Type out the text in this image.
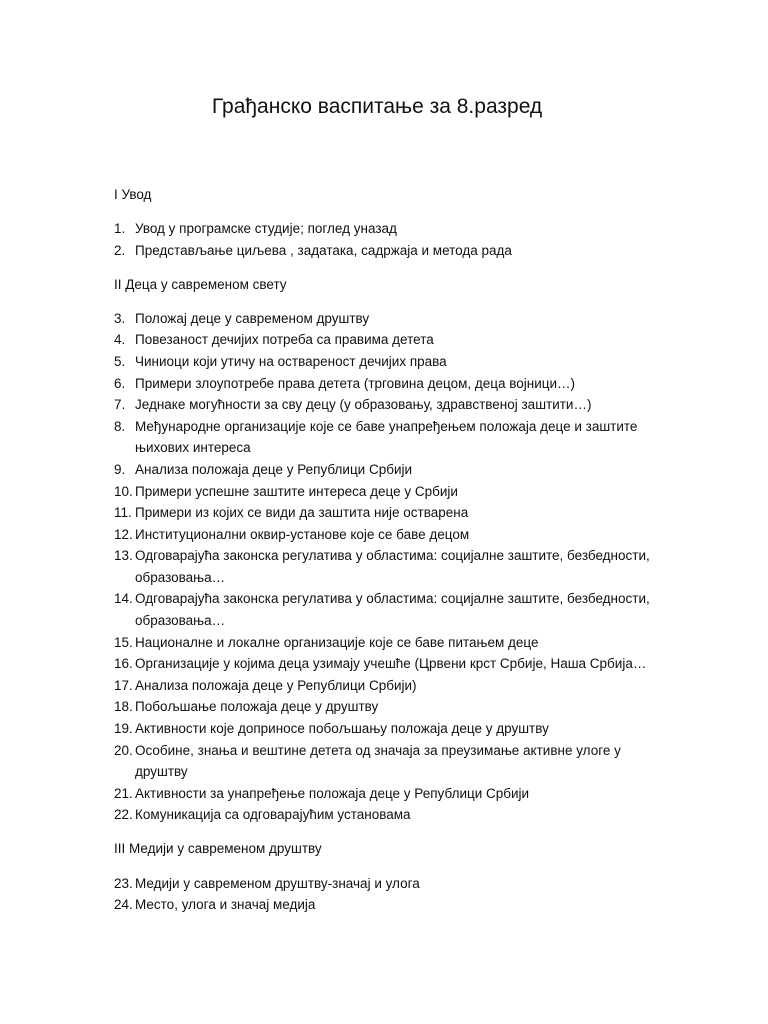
Грађанско васпитање за 8.разред

I Увод

1. Увод у програмске студије; поглед уназад
2. Представљање циљева , задатака, садржаја и метода рада

II Деца у савременом свету

3. Положај деце у савременом друштву
4. Повезаност дечијих потреба са правима детета
5. Чиниоци који утичу на оствареност дечијих права
6. Примери злоупотребе права детета (трговина децом, деца војници…)
7. Једнаке могућности за сву децу (у образовању, здравственој заштити…)
8. Међународне организације које се баве унапређењем положаја деце и заштите њихових интереса
9. Анализа положаја деце у Републици Србији
10. Примери успешне заштите интереса деце у Србији
11. Примери из којих се види да заштита није остварена
12. Институционални оквир-установе које се баве децом
13. Одговарајућа законска регулатива у областима: социјалне заштите, безбедности, образовања…
14. Одговарајућа законска регулатива у областима: социјалне заштите, безбедности, образовања…
15. Националне и локалне организације које се баве питањем деце
16. Организације у којима деца узимају учешће (Црвени крст Србије, Наша Србија…
17. Анализа положаја деце у Републици Србији)
18. Побољшање положаја деце у друштву
19. Активности које доприносе побољшању положаја деце у друштву
20. Особине, знања и вештине детета од значаја за преузимање активне улоге у друштву
21. Активности за унапређење положаја деце у Републици Србији
22. Комуникација са одговарајућим установама

III Медији у савременом друштву

23. Медији у савременом друштву-значај и улога
24. Место, улога и значај медија
